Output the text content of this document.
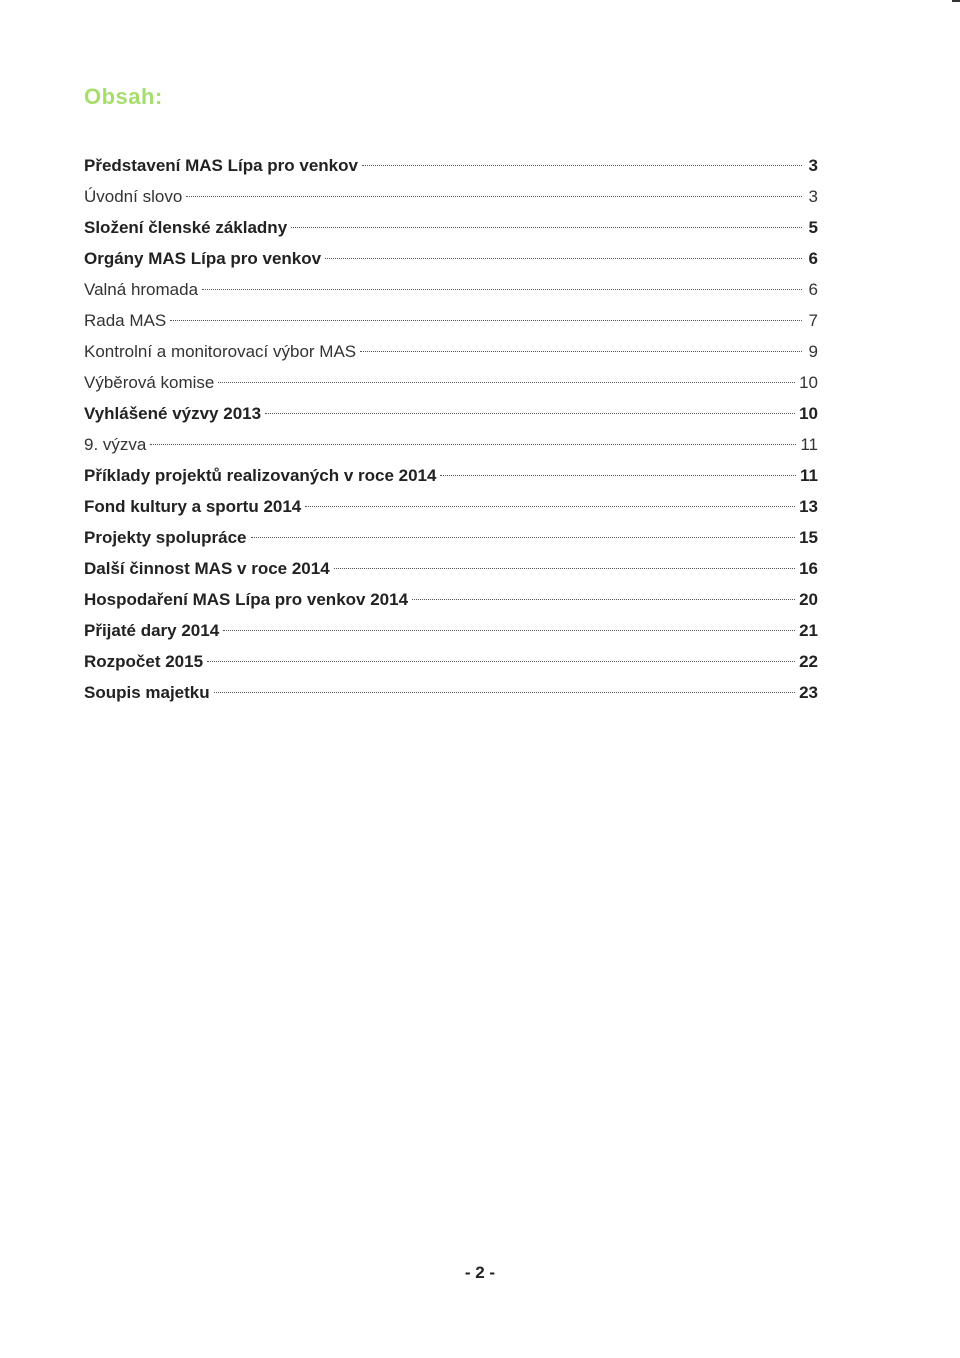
Obsah:
Představení MAS Lípa pro venkov	3
Úvodní slovo	3
Složení členské základny	5
Orgány MAS Lípa pro venkov	6
Valná hromada	6
Rada MAS	7
Kontrolní a monitorovací výbor MAS	9
Výběrová komise	10
Vyhlášené výzvy 2013	10
9. výzva	11
Příklady projektů realizovaných v roce 2014	11
Fond kultury a sportu 2014	13
Projekty spolupráce	15
Další činnost MAS v roce 2014	16
Hospodaření MAS Lípa pro venkov 2014	20
Přijaté dary 2014	21
Rozpočet 2015	22
Soupis majetku	23
- 2 -
